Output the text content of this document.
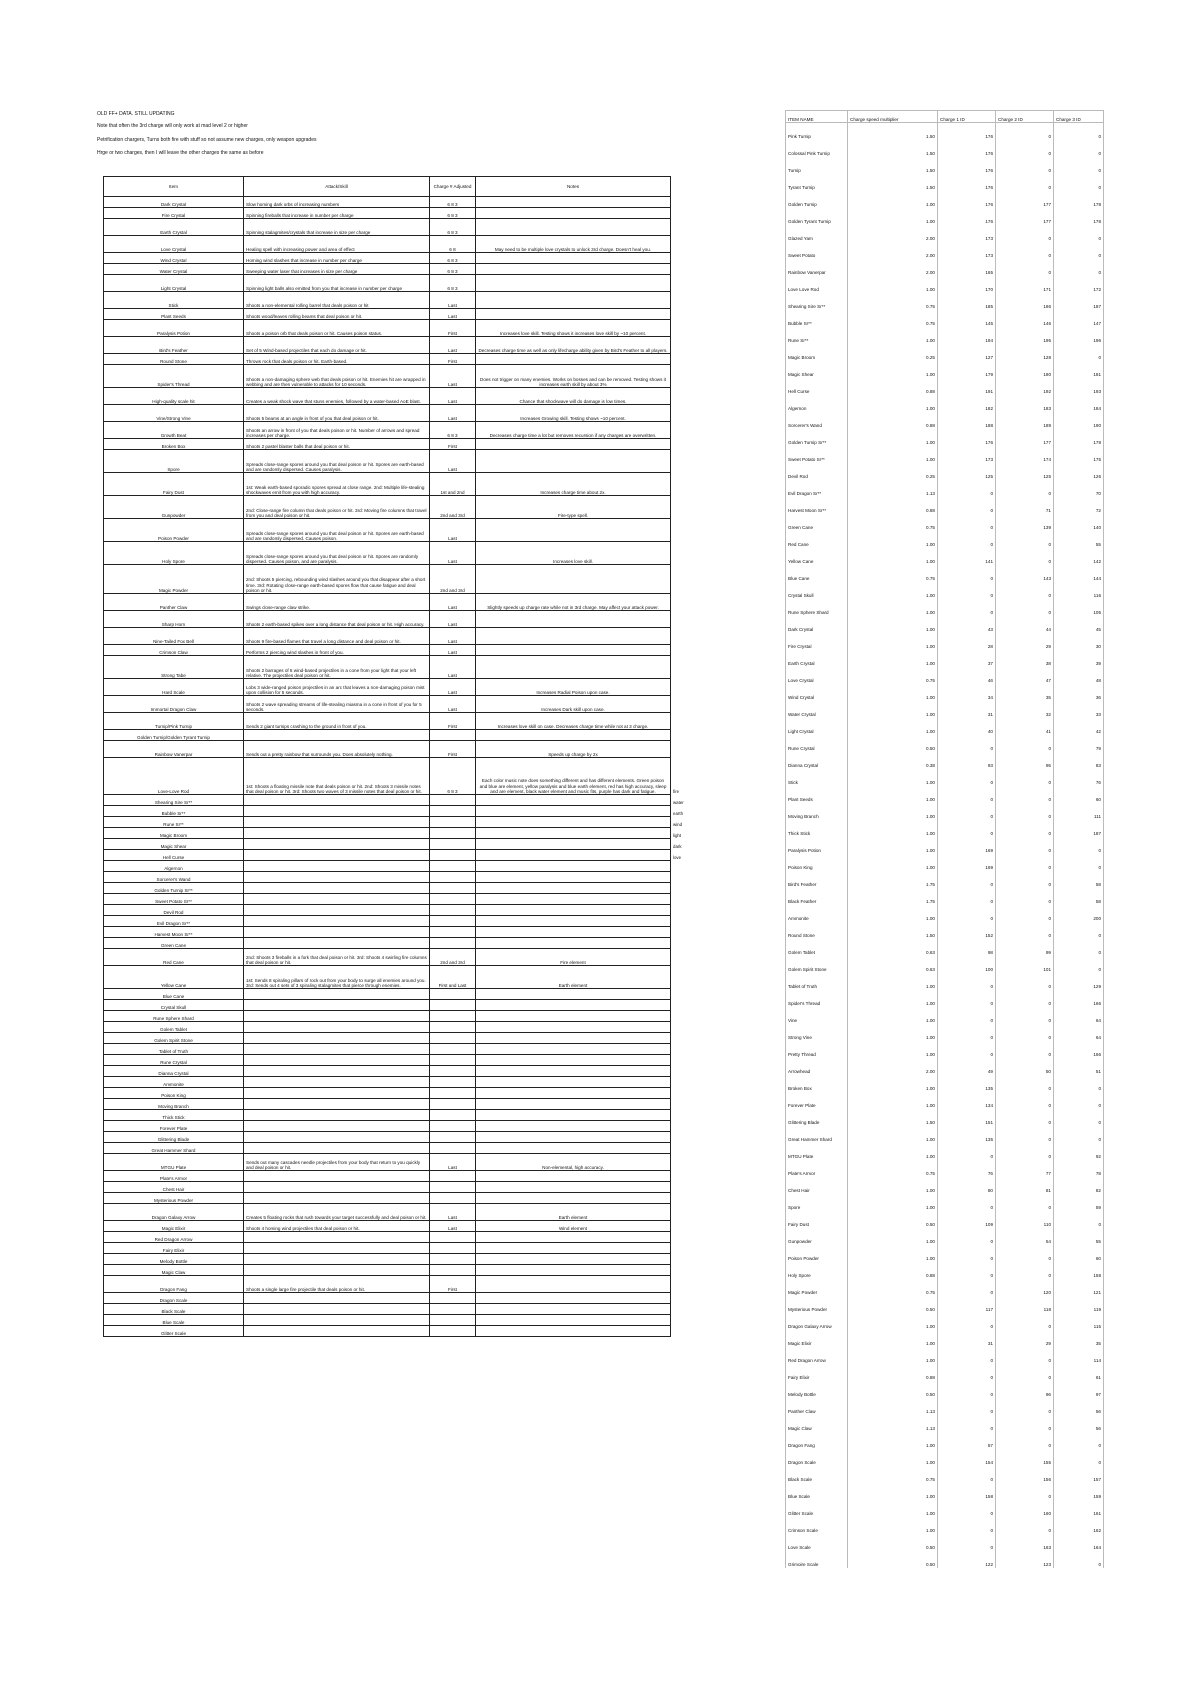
OLD FF+ DATA. STILL UPDATING
Note that often the 3rd charge will only work at mad level 2 or higher
Petrification chargers, Turns both fire with stuff so not assume new charges, only weapon upgrades
Hrge or two charges, then I will leave the other charges the same as before
Item	Attack/Skill	Charge # Adjusted	Notes	
Dark Crystal	Slow homing dark orbs of increasing numbers	6 8 3		
Fire Crystal	Spinning fireballs that increase in number per charge	6 8 3		
Earth Crystal	Spinning stalagmites/crystals that increase in size per charge	6 8 3		
Love Crystal	Healing spell with increasing power and area of effect	6 8	May need to be multiple love crystals to unlock 3rd charge. Doesn't heal you.	
Wind Crystal	Homing wind slashes that increase in number per charge	6 8 3		
Water Crystal	Sweeping water laser that increases in size per charge	6 8 3		
Light Crystal	Spinning light balls also emitted from you that increase in number per charge	6 8 3		
Stick	Shoots a non-elemental rolling barrel that deals poison or hit	Last		
Plant Seeds	Shoots wood/leaves rolling beams that deal poison or hit.	Last		
Paralysis Potion	Shoots a poison orb that deals poison or hit. Causes poison status.	First	Increases love skill. Testing shows it increases love skill by ~10 percent.	
Bird's Feather	Set of 5 Wind-based projectiles that each do damage or hit.	Last	Decreases charge time as well as only lifecharge ability given by Bird's Feather to all players.	
Round Stone	Throws rock that deals poison or hit. Earth-based.	First		
Spider's Thread	Shoots a non-damaging sphere web that deals poison or hit. Enemies hit are wrapped in webbing and are then vulnerable to attacks for 10 seconds.	Last	Does not trigger on many enemies. Works on bosses and can be removed. Testing shows it increases earth skill by about 3%	
High-quality scale hit	Creates a weak shock wave that stuns enemies, followed by a water-based AoE blast.	Last	Chance that shockwave will do damage is low times.	
Vine/Strong Vine	Shoots 5 beams at an angle in front of you that deal poison or hit.	Last	Increases Growing skill. Testing shows ~10 percent.	
Growth Beat	Shoots an arrow in front of you that deals poison or hit. Number of arrows and spread increases per charge.	6 8 3	Decreases charge time a lot but removes recursion if any charges are overwritten.	
Broken Box	Shoots 2 pastel blaster balls that deal poison or hit.	First		
Spore	Spreads close-range spores around you that deal poison or hit. Spores are earth-based and are randomly dispersed. Causes paralysis.	Last		
Fairy Dust	1st: Weak earth-based sporadic spores spread at close range. 2nd: Multiple life-stealing shockwaves emit from you with high accuracy.	1st and 2nd	Increases charge time about 2x.	
Gunpowder	2nd: Close-range fire column that deals poison or hit. 3rd: Moving fire columns that travel from you and deal poison or hit.	2nd and 3rd	Fire-type spell.	
Poison Powder	Spreads close-range spores around you that deal poison or hit. Spores are earth-based and are randomly dispersed. Causes poison.	Last		
Holy Spore	Spreads close-range spores around you that deal poison or hit. Spores are randomly dispersed. Causes poison, and are paralysis.	Last	Increases love skill.	
Magic Powder	2nd: Shoots 5 piercing, rebounding wind slashes around you that disappear after a short time. 3rd: Rotating close-range earth-based spores flow that cause fatigue and deal poison or hit.	2nd and 3rd		
Panther Claw	Swings close-range claw strike.	Last	Slightly speeds up charge rate while not in 3rd charge. May affect your attack power.	
Sharp Horn	Shoots 2 earth-based spikes over a long distance that deal poison or hit. High accuracy.	Last		
Nine-Tailed Fox Bell	Shoots 9 fire-based flames that travel a long distance and deal poison or hit.	Last		
Crimson Claw	Performs 2 piercing wind slashes in front of you.	Last		
Strong Tabe	Shoots 2 barrages of 5 wind-based projectiles in a cone from your light that your left relative. The projectiles deal poison or hit.	Last		
Hard Scale	Lobs 3 wide-ranged poison projectiles in an arc that leaves a non-damaging poison mist upon collision for 5 seconds.	Last	Increases Radial Poison upon case.	
Immortal Dragon Claw	Shoots 2 wave spreading streams of life-stealing miasma in a cone in front of you for 5 seconds.	Last	Increases Dark skill upon case.	
Turnip/Pink Turnip	Sends 2 giant turnips crashing to the ground in front of you.	First	Increases love skill on case. Decreases charge time while not at 3 charge.	
Golden Turnip/Golden Tyrant Turnip				
Rainbow Vanerpar	Sends out a pretty rainbow that surrounds you. Does absolutely nothing.	First	Speeds up charge by 2x	
Love-Love Rod	1st: Shoots a floating missile note that deals poison or hit. 2nd: Shoots 3 missile notes that deal poison or hit. 3rd: Shoots two waves of 3 missile notes that deal poison or hit.	6 8 3	Each color music note does something different and has different elements. Green poison and blue are element, yellow paralysis and blue earth element, red has high accuracy, sleep and are element, black water element and music fits, purple has dark and fatigue.	fire
Shearing Sire Sr**				water
Bubble Sr**				earth
Rune Sr**				wind
Magic Broom				light
Magic Shear				dark
Hell Curse				love
Algernon				
Sorcerer's Wand				
Golden Turnip Sr**				
Sweet Potato Sr**				
Devil Rod				
Evil Dragon Sr**				
Harvest Moon Sr**				
Green Cane				
Red Cane	2nd: Shoots 3 fireballs in a fork that deal poison or hit. 3rd: Shoots 4 swirling fire columns that deal poison or hit.	2nd and 3rd	Fire element	
Yellow Cane	1st: Sends 8 spiraling pillars of rock out from your body to surge all enemies around you. 3rd: Sends out 4 sets of 3 spiraling stalagmites that pierce through enemies.	First and Last	Earth element	
Blue Cane				
Crystal Skull				
Rune Sphere Shard				
Golem Tablet				
Golem Spirit Stone				
Tablet of Truth				
Rune Crystal				
Dianna Crystal				
Ammonite				
Poison King				
Moving Branch				
Thick Stick				
Forever Plate				
Glittering Blade				
Great Hammer Shard				
MTGU Plate	Sends out many cascades needle projectiles from your body that return to you quickly and deal poison or hit.	Last	Non-elemental, high accuracy.	
Plate's Armor				
Chest Hair				
Mysterious Powder				
Dragon Galaxy Arrow	Creates 5 floating rocks that rush towards your target successfully and deal poison or hit.	Last	Earth element	
Magic Elixir	Shoots 4 homing wind projectiles that deal poison or hit.	Last	Wind element	
Red Dragon Arrow				
Fairy Elixir				
Melody Bottle				
Magic Claw				
Dragon Fang	Shoots a single large fire projectile that deals poison or hit.	First		
Dragon Scale				
Black Scale				
Blue Scale				
Glitter Scale				
ITEM NAME	Charge speed multiplier	Charge 1 ID	Charge 2 ID	Charge 3 ID
Pink Turnip	1.50	176	0	0
Colossal Pink Turnip	1.50	176	0	0
Turnip	1.50	176	0	0
Tyrant Turnip	1.50	176	0	0
Golden Turnip	1.00	176	177	178
Golden Tyrant Turnip	1.00	176	177	178
Glazed Yam	2.00	173	0	0
Sweet Potato	2.00	173	0	0
Rainbow Vanerpar	2.00	165	0	0
Love Love Rod	1.00	170	171	172
Shearing Sire Sr**	0.75	185	186	187
Bubble Sr**	0.75	145	146	147
Rune Sr**	1.00	194	195	196
Magic Broom	0.25	127	128	0
Magic Shear	1.00	179	180	181
Hell Curse	0.88	191	192	193
Algernon	1.00	182	183	184
Sorcerer's Wand	0.88	188	189	190
Golden Turnip Sr**	1.00	176	177	178
Sweet Potato Sr**	1.00	173	174	175
Devil Rod	0.25	125	125	126
Evil Dragon Sr**	1.13	0	0	70
Harvest Moon Sr**	0.88	0	71	72
Green Cane	0.75	0	139	140
Red Cane	1.00	0	0	55
Yellow Cane	1.00	141	0	142
Blue Cane	0.75	0	143	144
Crystal Skull	1.00	0	0	116
Rune Sphere Shard	1.00	0	0	105
Dark Crystal	1.00	43	44	45
Fire Crystal	1.00	28	29	30
Earth Crystal	1.00	37	38	39
Love Crystal	0.75	46	47	48
Wind Crystal	1.00	34	35	36
Water Crystal	1.00	31	32	33
Light Crystal	1.00	40	41	42
Rune Crystal	0.50	0	0	79
Dianna Crystal	0.38	93	95	83
Stick	1.00	0	0	76
Plant Seeds	1.00	0	0	60
Moving Branch	1.00	0	0	111
Thick Stick	1.00	0	0	187
Paralysis Potion	1.00	169	0	0
Poison King	1.00	169	0	0
Bird's Feather	1.75	0	0	58
Black Feather	1.75	0	0	58
Ammonite	1.00	0	0	200
Round Stone	1.50	152	0	0
Golem Tablet	0.63	98	99	0
Golem Spirit Stone	0.63	100	101	0
Tablet of Truth	1.00	0	0	129
Spider's Thread	1.00	0	0	166
Vine	1.00	0	0	64
Strong Vine	1.00	0	0	64
Pretty Thread	1.00	0	0	166
Arrowhead	2.00	49	50	51
Broken Box	1.00	135	0	0
Forever Plate	1.00	134	0	0
Glittering Blade	1.50	151	0	0
Great Hammer Shard	1.00	135	0	0
MTGU Plate	1.00	0	0	92
Plate's Armor	0.75	76	77	78
Chest Hair	1.00	80	81	82
Spore	1.00	0	0	59
Fairy Dust	0.50	109	110	0
Gunpowder	1.00	0	54	55
Poison Powder	1.00	0	0	60
Holy Spore	0.88	0	0	158
Magic Powder	0.75	0	120	121
Mysterious Powder	0.50	117	118	119
Dragon Galaxy Arrow	1.00	0	0	115
Magic Elixir	1.00	31	29	35
Red Dragon Arrow	1.00	0	0	114
Fairy Elixir	0.88	0	0	61
Melody Bottle	0.50	0	96	97
Panther Claw	1.13	0	0	56
Magic Claw	1.13	0	0	56
Dragon Fang	1.00	57	0	0
Dragon Scale	1.00	154	155	0
Black Scale	0.75	0	156	157
Blue Scale	1.00	158	0	159
Glitter Scale	1.00	0	160	161
Crimson Scale	1.00	0	0	162
Love Scale	0.50	0	163	164
Grimoire Scale	0.50	122	123	0
